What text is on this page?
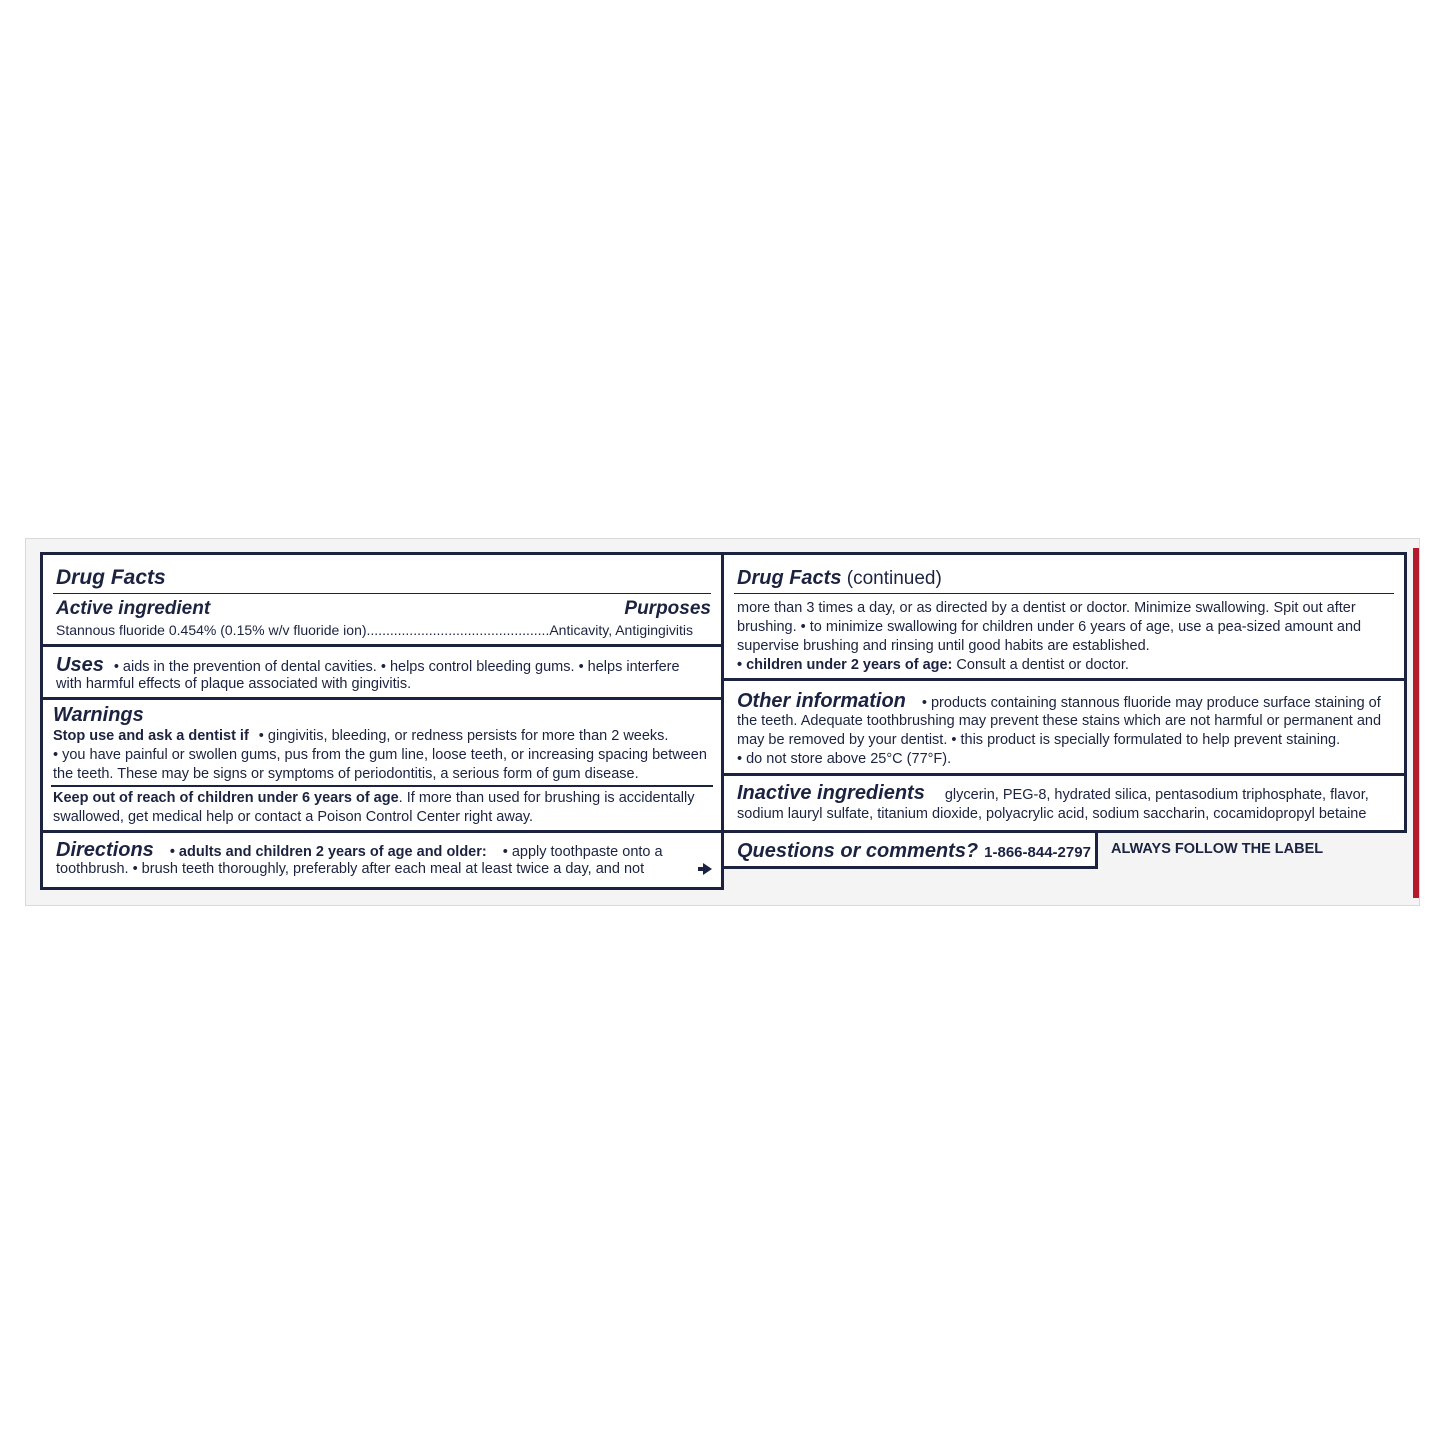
Drug Facts
Active ingredient	Purposes
Stannous fluoride 0.454% (0.15% w/v fluoride ion)...............................................Anticavity, Antigingivitis
Uses • aids in the prevention of dental cavities. • helps control bleeding gums. • helps interfere
with harmful effects of plaque associated with gingivitis.
Warnings
Stop use and ask a dentist if • gingivitis, bleeding, or redness persists for more than 2 weeks.
• you have painful or swollen gums, pus from the gum line, loose teeth, or increasing spacing between
the teeth. These may be signs or symptoms of periodontitis, a serious form of gum disease.
Keep out of reach of children under 6 years of age. If more than used for brushing is accidentally
swallowed, get medical help or contact a Poison Control Center right away.
Directions • adults and children 2 years of age and older: • apply toothpaste onto a
toothbrush. • brush teeth thoroughly, preferably after each meal at least twice a day, and not
Drug Facts (continued)
more than 3 times a day, or as directed by a dentist or doctor. Minimize swallowing. Spit out after
brushing. • to minimize swallowing for children under 6 years of age, use a pea-sized amount and
supervise brushing and rinsing until good habits are established.
• children under 2 years of age: Consult a dentist or doctor.
Other information • products containing stannous fluoride may produce surface staining of
the teeth. Adequate toothbrushing may prevent these stains which are not harmful or permanent and
may be removed by your dentist. • this product is specially formulated to help prevent staining.
• do not store above 25°C (77°F).
Inactive ingredients glycerin, PEG-8, hydrated silica, pentasodium triphosphate, flavor,
sodium lauryl sulfate, titanium dioxide, polyacrylic acid, sodium saccharin, cocamidopropyl betaine
Questions or comments? 1-866-844-2797 ALWAYS FOLLOW THE LABEL
